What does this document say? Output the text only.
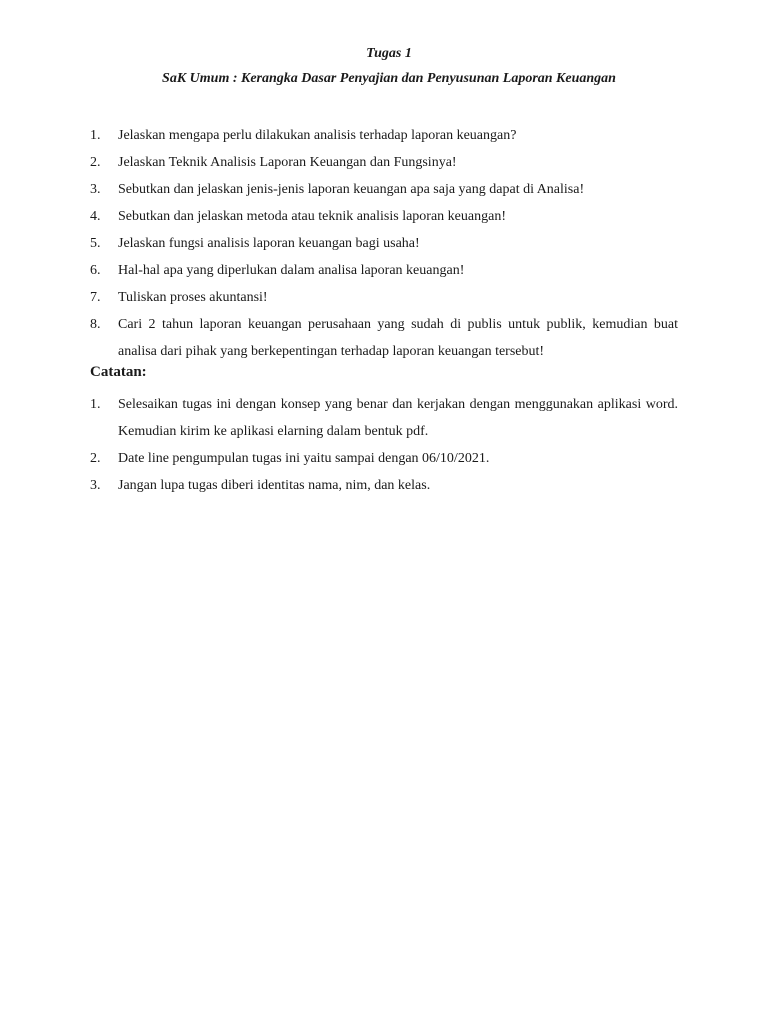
Tugas 1
SaK Umum : Kerangka Dasar Penyajian dan Penyusunan Laporan Keuangan
1.	Jelaskan mengapa perlu dilakukan analisis terhadap laporan keuangan?
2.	Jelaskan Teknik Analisis Laporan Keuangan dan Fungsinya!
3.	Sebutkan dan jelaskan jenis-jenis laporan keuangan apa saja yang dapat di Analisa!
4.	Sebutkan dan jelaskan metoda atau teknik analisis laporan keuangan!
5.	Jelaskan fungsi analisis laporan keuangan bagi usaha!
6.	Hal-hal apa yang diperlukan dalam analisa laporan keuangan!
7.	Tuliskan proses akuntansi!
8.	Cari 2 tahun laporan keuangan perusahaan yang sudah di publis untuk publik, kemudian buat analisa dari pihak yang berkepentingan terhadap laporan keuangan tersebut!
Catatan:
1.	Selesaikan tugas ini dengan konsep yang benar dan kerjakan dengan menggunakan aplikasi word. Kemudian kirim ke aplikasi elarning dalam bentuk pdf.
2.	Date line pengumpulan tugas ini yaitu sampai dengan 06/10/2021.
3.	Jangan lupa tugas diberi identitas nama, nim, dan kelas.
